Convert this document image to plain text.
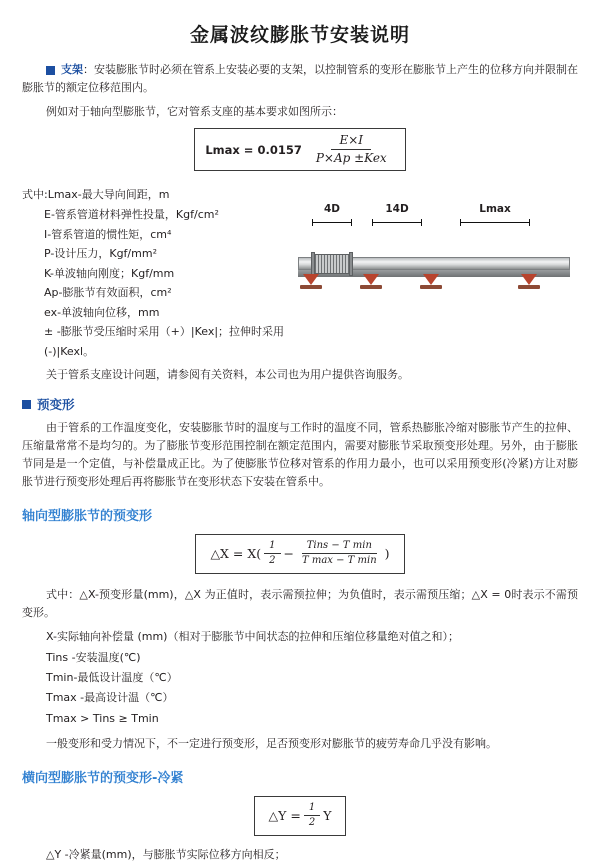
金属波纹膨胀节安装说明

支架：安装膨胀节时必须在管系上安装必要的支架，以控制管系的变形在膨胀节上产生的位移方向并限制在膨胀节的额定位移范围内。

例如对于轴向型膨胀节，它对管系支座的基本要求如图所示：

$Lmax = 0.0157 \frac{E\times I}{\text{P×Ap ±Kex}}$
式中:Lmax-最大导向间距，m
E-管系管道材料弹性投量，Kgf/cm²
I-管系管道的惯性矩，cm⁴
P-设计压力，Kgf/mm²
K-单波轴向刚度；Kgf/mm
Ap-膨胀节有效面积，cm²
ex-单波轴向位移，mm
± -膨胀节受压缩时采用（+）|Kex|；拉伸时采用(-)|Kexl。
4D	14D	Lmax

关于管系支座设计问题，请参阅有关资料，本公司也为用户提供咨询服务。

预变形

由于管系的工作温度变化，安装膨胀节时的温度与工作时的温度不同，管系热膨胀冷缩对膨胀节产生的拉伸、压缩量常常不是均匀的。为了膨胀节变形范围控制在额定范围内，需要对膨胀节采取预变形处理。另外，由于膨胀节同是是一个定值，与补偿量成正比。为了使膨胀节位移对管系的作用力最小，也可以采用预变形(冷紧)方让对膨胀节进行预变形处理后再将膨胀节在变形状态下安装在管系中。

轴向型膨胀节的预变形
△X = $X( \frac{1}{2} - \frac{\text{Tins − T min}}{\text{T max − T min}}$ )

式中：△X-预变形量(mm)，△X 为正值时，表示需预拉伸；为负值时，表示需预压缩；△X = 0时表示不需预变形。

X-实际轴向补偿量 (mm)（相对于膨胀节中间状态的拉伸和压缩位移量绝对值之和）；
Tins -安装温度(℃)
Tmin-最低设计温度（℃）
Tmax -最高设计温（℃）
Tmax > Tins ≥ Tmin

一般变形和受力情况下，不一定进行预变形，足否预变形对膨胀节的疲劳寿命几乎没有影响。

横向型膨胀节的预变形-冷紧
△Y = $\frac{1}{2}$ Y

△Y -冷紧量(mm)，与膨胀节实际位移方向相反；
